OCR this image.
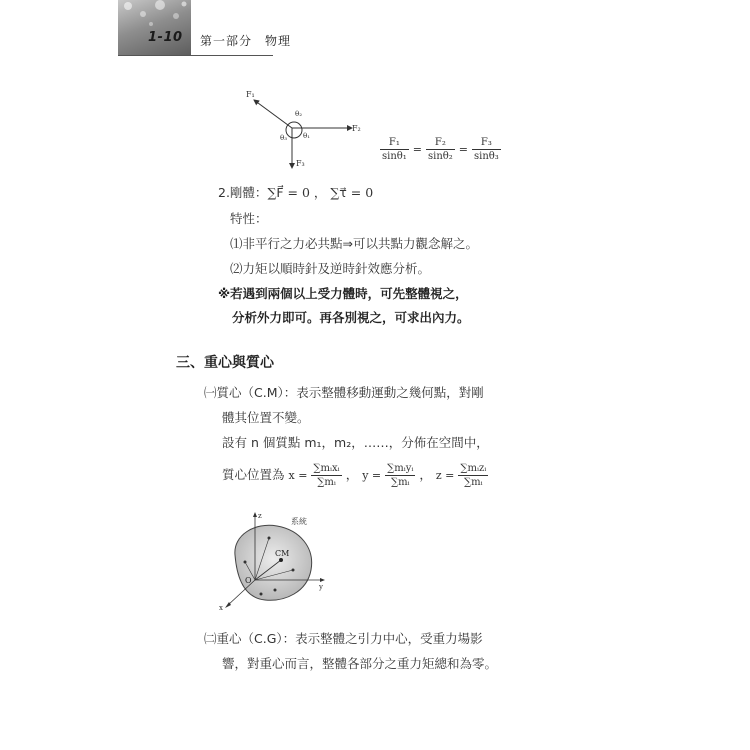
1-10 第一部分　物理
F₁
F₂
F₃
θ₁
θ₂
θ₃	$\frac{\text{F₁}}{\text{sinθ₁}} = \frac{\text{F₂}}{\text{sinθ₂}} = \frac{\text{F₃}}{\text{sinθ₃}}$
2.剛體：∑F⃗ = 0 ， ∑τ⃗ = 0
特性：
⑴非平行之力必共點⇒可以共點力觀念解之。
⑵力矩以順時針及逆時針效應分析。
※若遇到兩個以上受力體時，可先整體視之，
分析外力即可。再各別視之，可求出內力。
三、重心與質心
㈠質心（C.M）：表示整體移動運動之幾何點，對剛
體其位置不變。
設有 n 個質點 m₁，m₂，……，分佈在空間中，
質心位置為 $x = \frac{\text{∑mᵢxᵢ}}{\text{∑mᵢ}}$ ， $y = \frac{\text{∑mᵢyᵢ}}{\text{∑mᵢ}}$ ， $z = \frac{\text{∑mᵢzᵢ}}{\text{∑mᵢ}}$
系統
CM
O
x
y
z
㈡重心（C.G）：表示整體之引力中心，受重力場影
響，對重心而言，整體各部分之重力矩總和為零。
